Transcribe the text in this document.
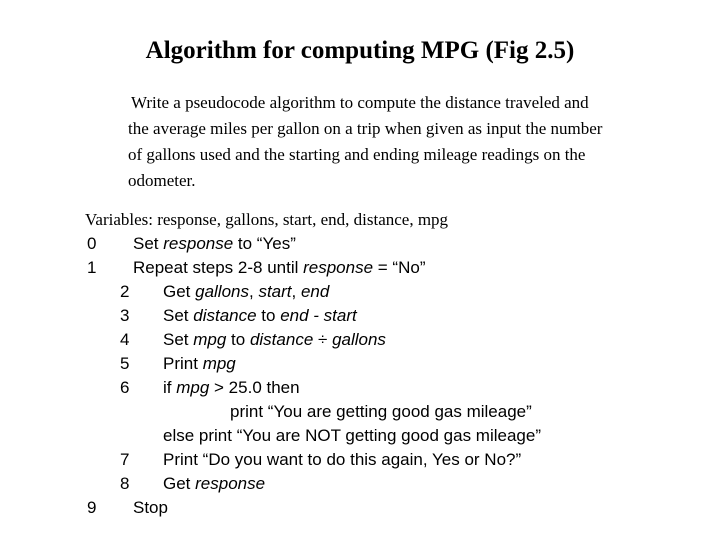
Algorithm for computing MPG (Fig 2.5)
Write a pseudocode algorithm to compute the distance traveled and
the average miles per gallon on a trip when given as input the number
of gallons used and the starting and ending mileage readings on the
odometer.
Variables: response, gallons, start, end, distance, mpg
0 Set response to “Yes”
1 Repeat steps 2-8 until response = “No”
2 Get gallons, start, end
3 Set distance to end - start
4 Set mpg to distance ÷ gallons
5 Print mpg
6 if mpg > 25.0 then
print “You are getting good gas mileage”
else print “You are NOT getting good gas mileage”
7 Print “Do you want to do this again, Yes or No?”
8 Get response
9 Stop
